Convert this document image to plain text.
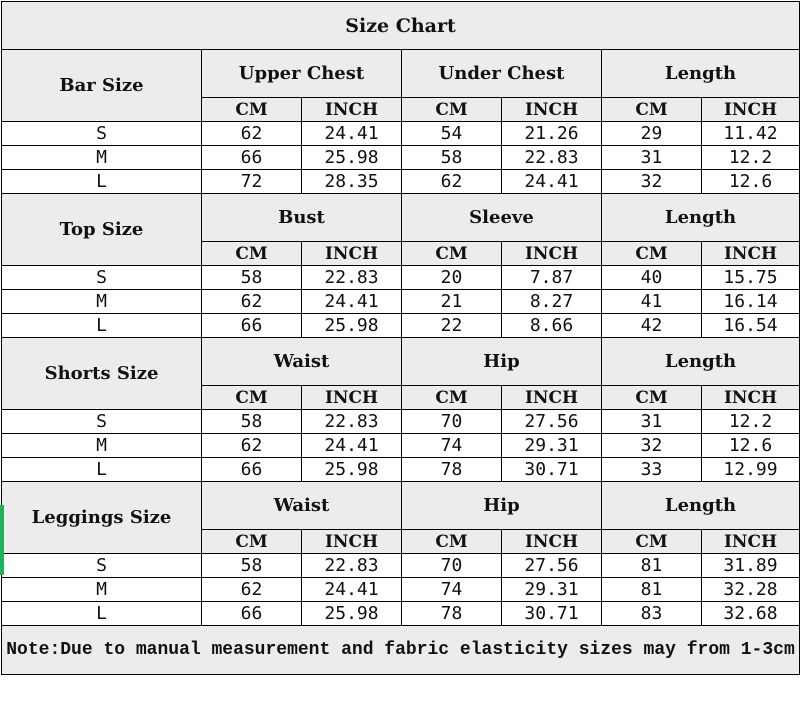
Size Chart						
Bar Size	Upper Chest		Under Chest		Length	
	CM	INCH	CM	INCH	CM	INCH
S	62	24.41	54	21.26	29	11.42
M	66	25.98	58	22.83	31	12.2
L	72	28.35	62	24.41	32	12.6
Top Size	Bust		Sleeve		Length	
	CM	INCH	CM	INCH	CM	INCH
S	58	22.83	20	7.87	40	15.75
M	62	24.41	21	8.27	41	16.14
L	66	25.98	22	8.66	42	16.54
Shorts Size	Waist		Hip		Length	
	CM	INCH	CM	INCH	CM	INCH
S	58	22.83	70	27.56	31	12.2
M	62	24.41	74	29.31	32	12.6
L	66	25.98	78	30.71	33	12.99
Leggings Size	Waist		Hip		Length	
	CM	INCH	CM	INCH	CM	INCH
S	58	22.83	70	27.56	81	31.89
M	62	24.41	74	29.31	81	32.28
L	66	25.98	78	30.71	83	32.68
Note:Due to manual measurement and fabric elasticity sizes may from 1-3cm						
